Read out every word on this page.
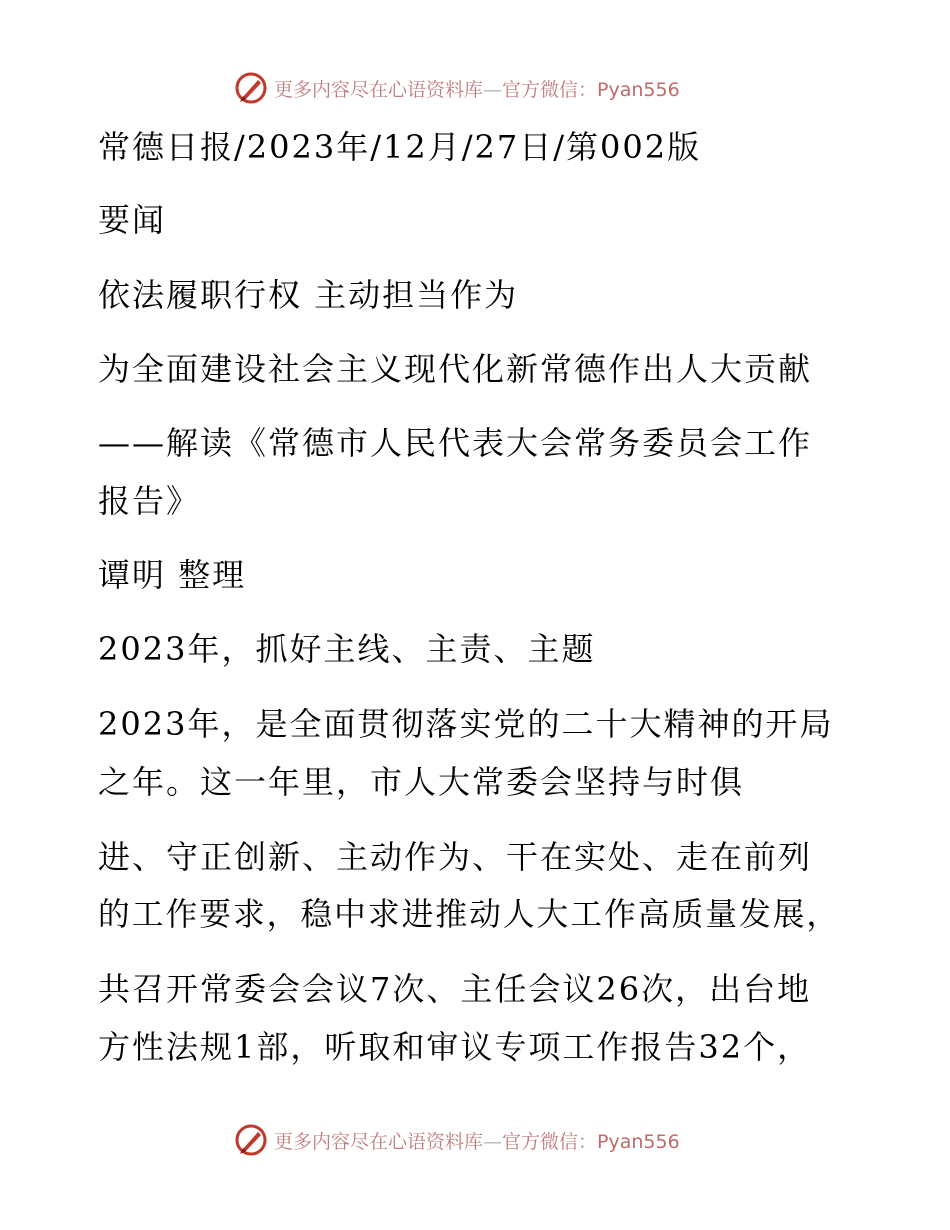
更多内容尽在心语资料库—官方微信：Pyan556
常德日报/2023年/12月/27日/第002版
要闻
依法履职行权 主动担当作为
为全面建设社会主义现代化新常德作出人大贡献
——解读《常德市人民代表大会常务委员会工作
报告》
谭明 整理
2023年，抓好主线、主责、主题
2023年，是全面贯彻落实党的二十大精神的开局
之年。这一年里，市人大常委会坚持与时俱
进、守正创新、主动作为、干在实处、走在前列
的工作要求，稳中求进推动人大工作高质量发展，
共召开常委会会议7次、主任会议26次，出台地
方性法规1部，听取和审议专项工作报告32个，
更多内容尽在心语资料库—官方微信：Pyan556
